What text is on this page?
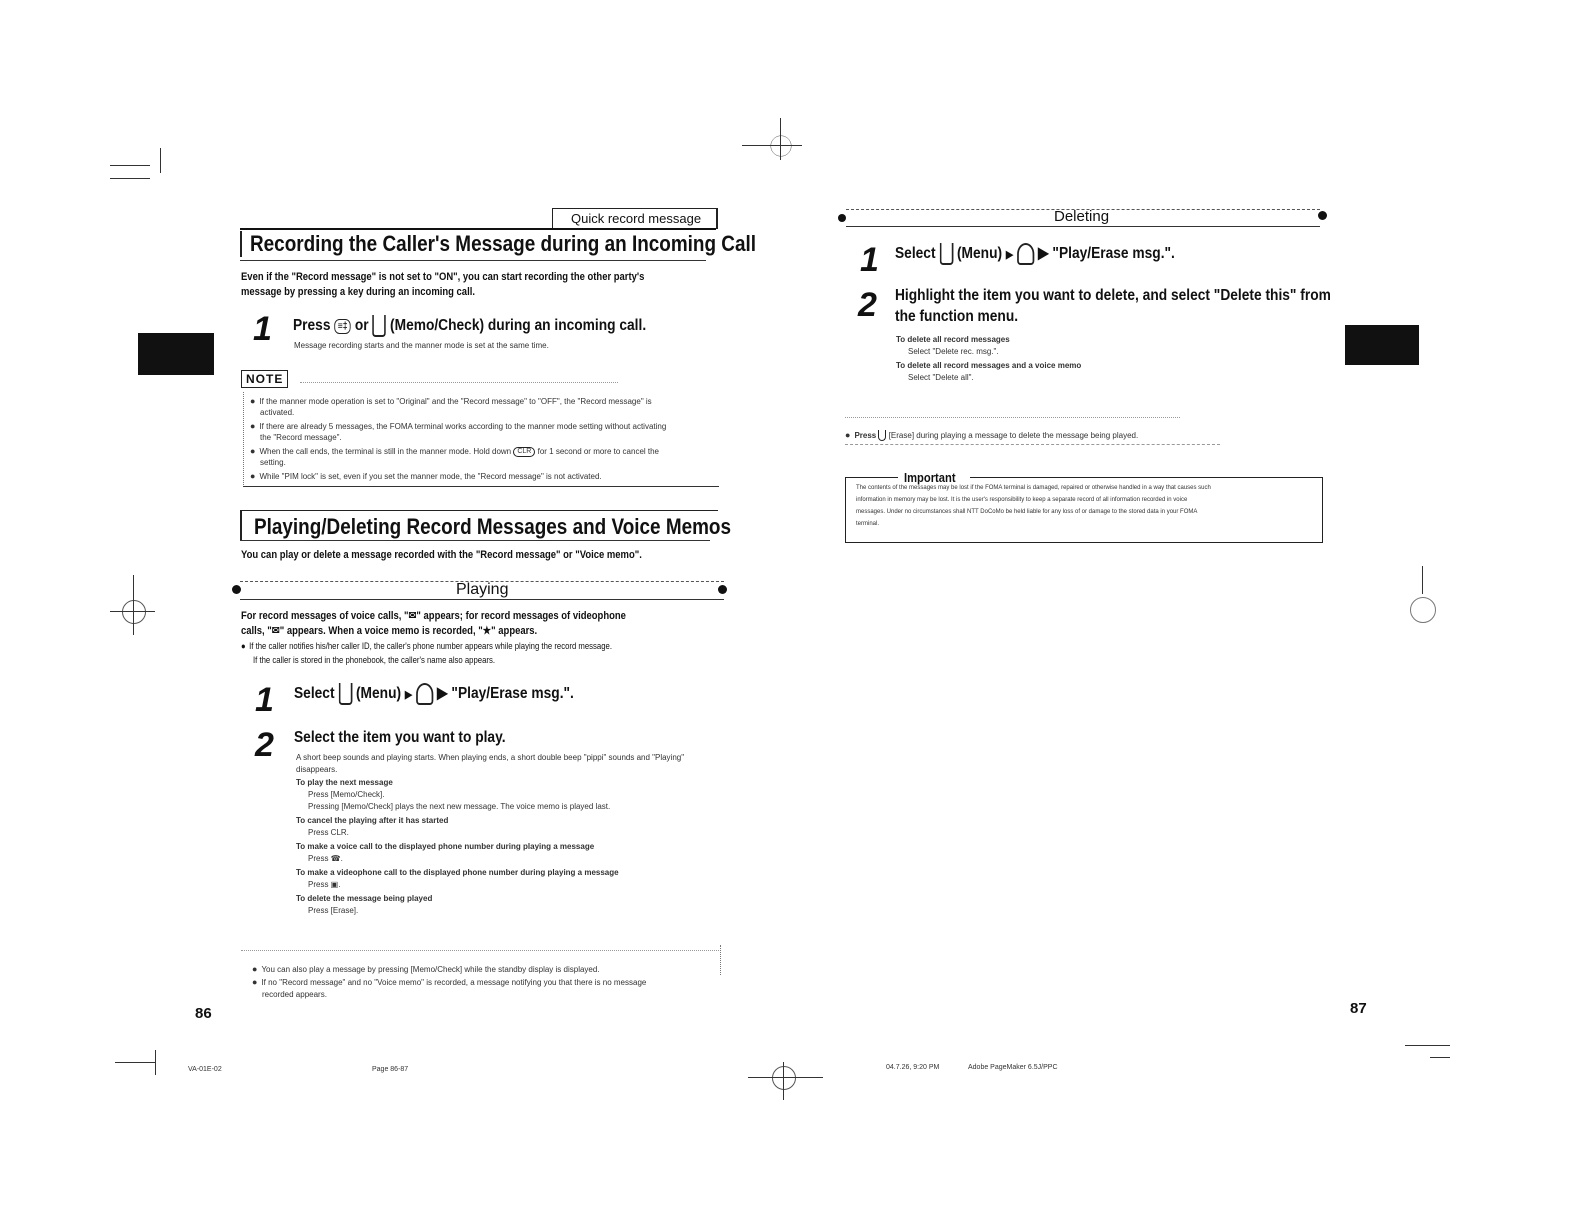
Quick record message
Recording the Caller's Message during an Incoming Call
Even if the "Record message" is not set to "ON", you can start recording the other party's
message by pressing a key during an incoming call.
1 Press ≡‡ or (Memo/Check) during an incoming call.
Message recording starts and the manner mode is set at the same time.
NOTE
● If the manner mode operation is set to "Original" and the "Record message" to "OFF", the "Record message" is
activated.
● If there are already 5 messages, the FOMA terminal works according to the manner mode setting without activating
the "Record message".
● When the call ends, the terminal is still in the manner mode. Hold down CLR for 1 second or more to cancel the
setting.
● While "PIM lock" is set, even if you set the manner mode, the "Record message" is not activated.
Playing/Deleting Record Messages and Voice Memos
You can play or delete a message recorded with the "Record message" or "Voice memo".
Playing
For record messages of voice calls, "✉" appears; for record messages of videophone
calls, "✉" appears. When a voice memo is recorded, "★" appears.
● If the caller notifies his/her caller ID, the caller's phone number appears while playing the record message.
If the caller is stored in the phonebook, the caller's name also appears.
1 Select (Menu) ▶ ▶ "Play/Erase msg.".
2 Select the item you want to play.
A short beep sounds and playing starts. When playing ends, a short double beep "pippi" sounds and "Playing"
disappears.
To play the next message
Press [Memo/Check].
Pressing [Memo/Check] plays the next new message. The voice memo is played last.
To cancel the playing after it has started
Press CLR.
To make a voice call to the displayed phone number during playing a message
Press ☎.
To make a videophone call to the displayed phone number during playing a message
Press ▣.
To delete the message being played
Press [Erase].
● You can also play a message by pressing [Memo/Check] while the standby display is displayed.
● If no "Record message" and no "Voice memo" is recorded, a message notifying you that there is no message
recorded appears.
86
VA-01E-02	Page 86-87
Deleting
1 Select (Menu) ▶ ▶ "Play/Erase msg.".
2 Highlight the item you want to delete, and select "Delete this" from
the function menu.
To delete all record messages
Select "Delete rec. msg.".
To delete all record messages and a voice memo
Select "Delete all".
● Press [Erase] during playing a message to delete the message being played.
Important
The contents of the messages may be lost if the FOMA terminal is damaged, repaired or otherwise handled in a way that causes such
information in memory may be lost. It is the user's responsibility to keep a separate record of all information recorded in voice
messages. Under no circumstances shall NTT DoCoMo be held liable for any loss of or damage to the stored data in your FOMA
terminal.
87
04.7.26, 9:20 PM	Adobe PageMaker 6.5J/PPC
